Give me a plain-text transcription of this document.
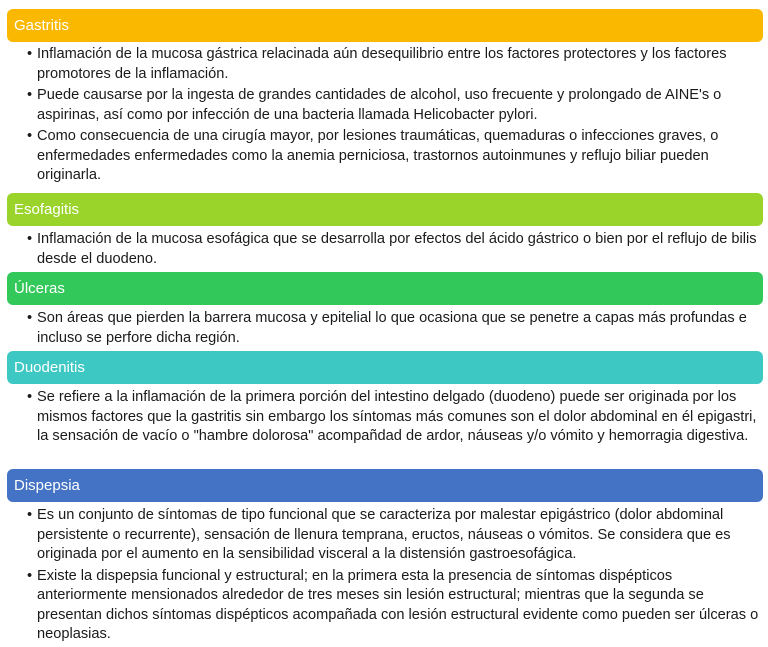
Gastritis
• Inflamación de la mucosa gástrica relacinada aún desequilibrio entre los factores protectores y los factores promotores de la inflamación.
• Puede causarse por la ingesta de grandes cantidades de alcohol, uso frecuente y prolongado de AINE's o aspirinas, así como por infección de una bacteria llamada Helicobacter pylori.
• Como consecuencia de una cirugía mayor, por lesiones traumáticas, quemaduras o infecciones graves, o enfermedades enfermedades como la anemia perniciosa, trastornos autoinmunes y reflujo biliar pueden originarla.
Esofagitis
• Inflamación de la mucosa esofágica que se desarrolla por efectos del ácido gástrico o bien por el reflujo de bilis desde el duodeno.
Úlceras
• Son áreas que pierden la barrera mucosa y epitelial lo que ocasiona que se penetre a capas más profundas e incluso se perfore dicha región.
Duodenitis
• Se refiere a la inflamación de la primera porción del intestino delgado (duodeno) puede ser originada por los mismos factores que la gastritis sin embargo los síntomas más comunes son el dolor abdominal en él epigastri, la sensación de vacío o "hambre dolorosa" acompañdad de ardor, náuseas y/o vómito y hemorragia digestiva.
Dispepsia
• Es un conjunto de síntomas de tipo funcional que se caracteriza por malestar epigástrico (dolor abdominal persistente o recurrente), sensación de llenura temprana, eructos, náuseas o vómitos. Se considera que es originada por el aumento en la sensibilidad visceral a la distensión gastroesofágica.
• Existe la dispepsia funcional y estructural; en la primera esta la presencia de síntomas dispépticos anteriormente mensionados alrededor de tres meses sin lesión estructural; mientras que la segunda se presentan dichos síntomas dispépticos acompañada con lesión estructural evidente como pueden ser úlceras o neoplasias.
